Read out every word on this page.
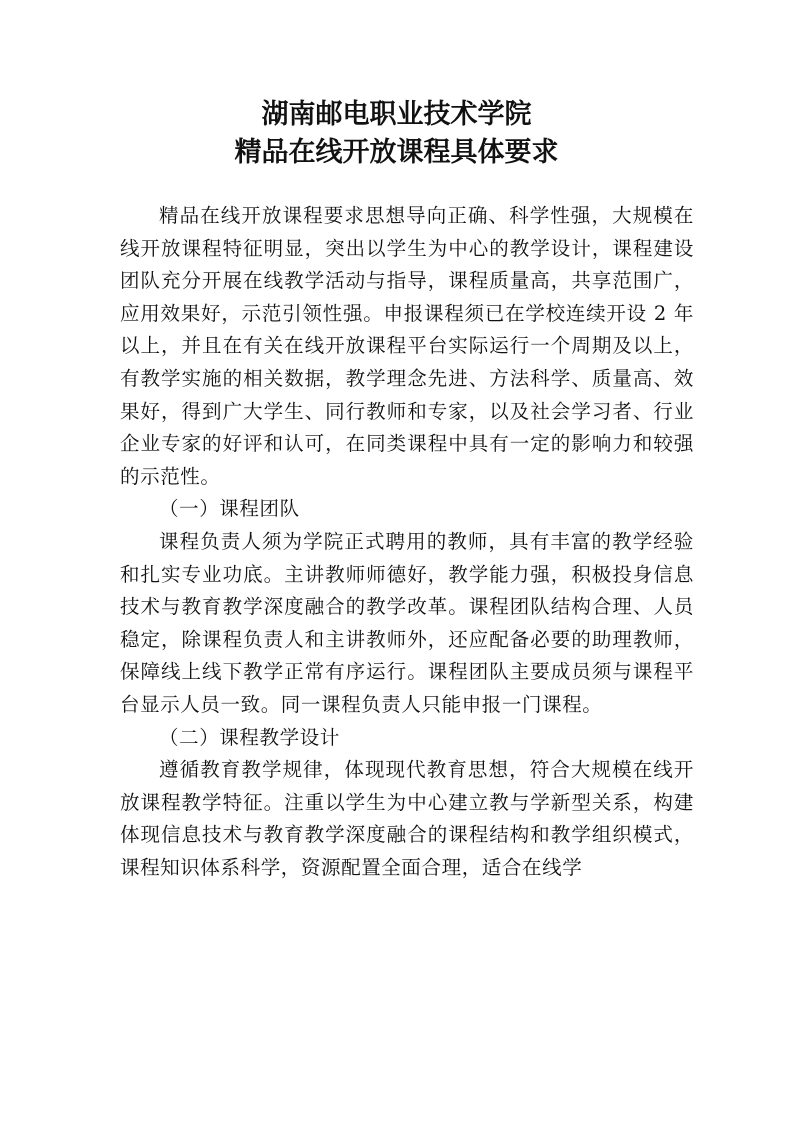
湖南邮电职业技术学院
精品在线开放课程具体要求

精品在线开放课程要求思想导向正确、科学性强，大规模在线开放课程特征明显，突出以学生为中心的教学设计，课程建设团队充分开展在线教学活动与指导，课程质量高，共享范围广，应用效果好，示范引领性强。申报课程须已在学校连续开设 2 年以上，并且在有关在线开放课程平台实际运行一个周期及以上，有教学实施的相关数据，教学理念先进、方法科学、质量高、效果好，得到广大学生、同行教师和专家，以及社会学习者、行业企业专家的好评和认可，在同类课程中具有一定的影响力和较强的示范性。

（一）课程团队

课程负责人须为学院正式聘用的教师，具有丰富的教学经验和扎实专业功底。主讲教师师德好，教学能力强，积极投身信息技术与教育教学深度融合的教学改革。课程团队结构合理、人员稳定，除课程负责人和主讲教师外，还应配备必要的助理教师，保障线上线下教学正常有序运行。课程团队主要成员须与课程平台显示人员一致。同一课程负责人只能申报一门课程。

（二）课程教学设计

遵循教育教学规律，体现现代教育思想，符合大规模在线开放课程教学特征。注重以学生为中心建立教与学新型关系，构建体现信息技术与教育教学深度融合的课程结构和教学组织模式，课程知识体系科学，资源配置全面合理，适合在线学
